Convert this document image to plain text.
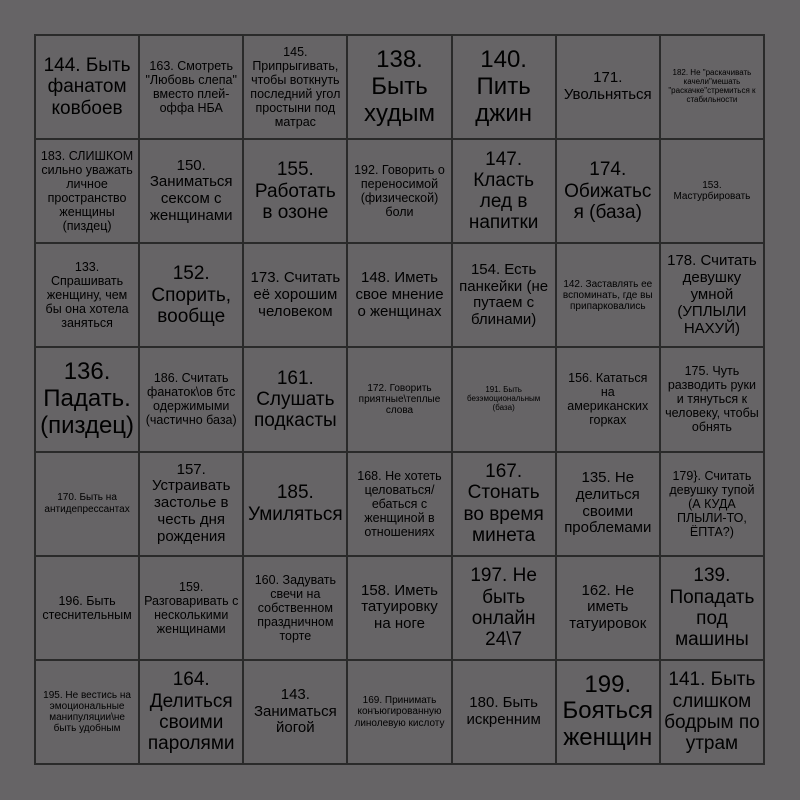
144. Быть фанатом ковбоев
163. Смотреть "Любовь слепа" вместо плей-оффа НБА
145. Припрыгивать, чтобы воткнуть последний угол простыни под матрас
138. Быть худым
140. Пить джин
171. Увольняться
182. Не "раскачивать качели"мешать "раскачке"стремиться к стабильности
183. СЛИШКОМ сильно уважать личное пространство женщины (пиздец)
150. Заниматься сексом с женщинами
155. Работать в озоне
192. Говорить о переносимой (физической) боли
147. Класть лед в напитки
174. Обижаться (база)
153. Мастурбировать
133. Спрашивать женщину, чем бы она хотела заняться
152. Спорить, вообще
173. Считать её хорошим человеком
148. Иметь свое мнение о женщинах
154. Есть панкейки (не путаем с блинами)
142. Заставлять ее вспоминать, где вы припарковались
178. Считать девушку умной (УПЛЫЛИ НАХУЙ)
136. Падать. (пиздец)
186. Считать фанаток\ов бтс одержимыми (частично база)
161. Слушать подкасты
172. Говорить приятные\теплые слова
191. Быть безэмоциональным (база)
156. Кататься на американских горках
175. Чуть разводить руки и тянуться к человеку, чтобы обнять
170. Быть на антидепрессантах
157. Устраивать застолье в честь дня рождения
185. Умиляться
168. Не хотеть целоваться/ ебаться с женщиной в отношениях
167. Стонать во время минета
135. Не делиться своими проблемами
179}. Считать девушку тупой (А КУДА ПЛЫЛИ-ТО, ЁПТА?)
196. Быть стеснительным
159. Разговаривать с несколькими женщинами
160. Задувать свечи на собственном праздничном торте
158. Иметь татуировку на ноге
197. Не быть онлайн 24\7
162. Не иметь татуировок
139. Попадать под машины
195. Не вестись на эмоциональные манипуляции\не быть удобным
164. Делиться своими паролями
143. Заниматься йогой
169. Принимать конъюгированную линолевую кислоту
180. Быть искренним
199. Бояться женщин
141. Быть слишком бодрым по утрам
